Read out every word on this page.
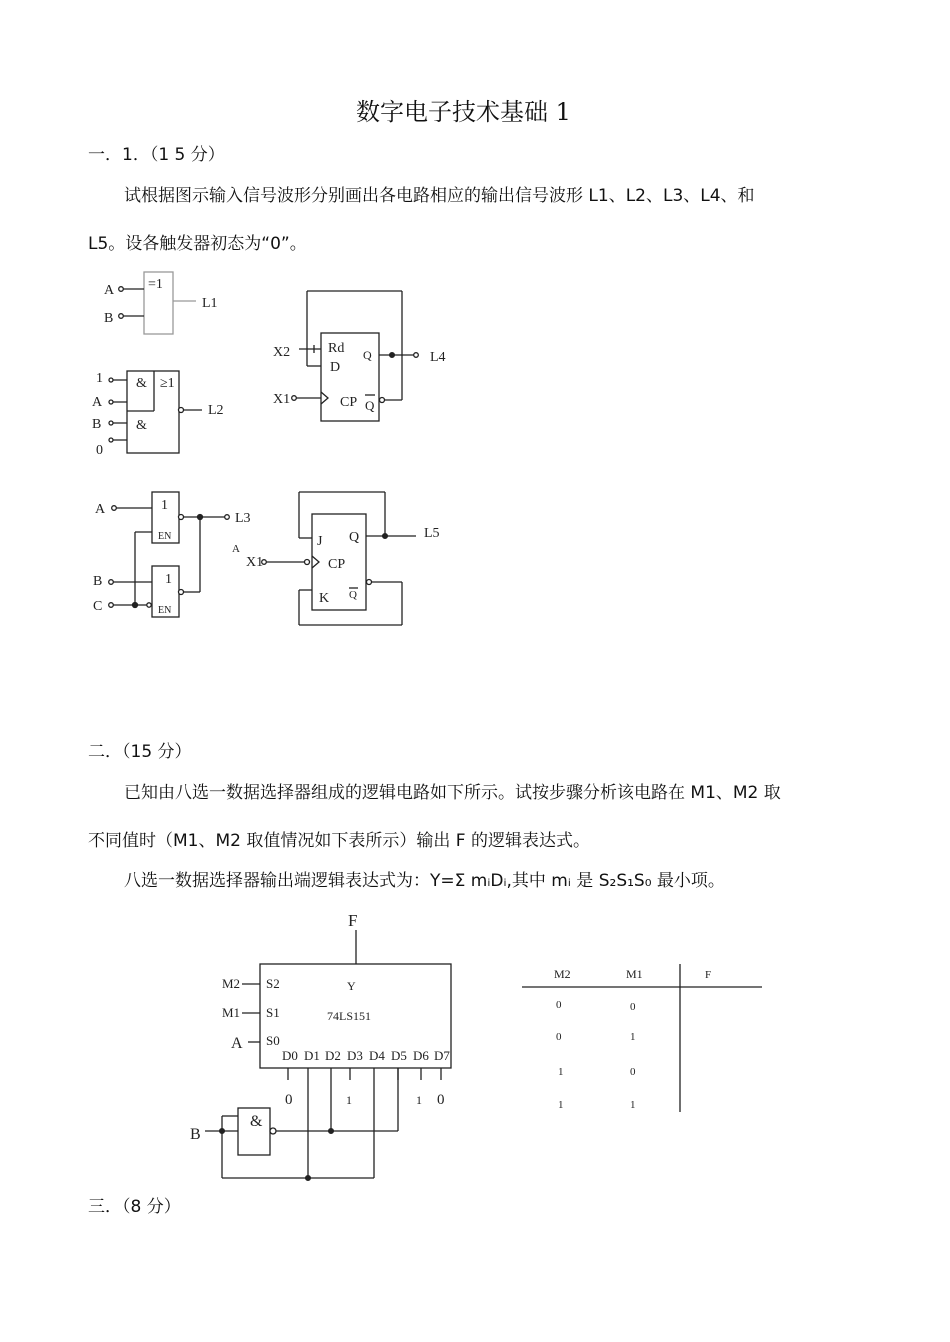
数字电子技术基础 1
一．1．（1 5 分）
试根据图示输入信号波形分别画出各电路相应的输出信号波形 L1、L2、L3、L4、和
L5。设各触发器初态为“0”。
A
B
=1
L1
1
A
B
0
&
&
≥1
L2
A
B
C
1
1
EN
EN
L3
X2
X1
Rd
D
Q
CP Q
L4
A
X1
J Q
CP
K Q
L5
二．（15 分）
已知由八选一数据选择器组成的逻辑电路如下所示。试按步骤分析该电路在 M1、M2 取
不同值时（M1、M2 取值情况如下表所示）输出 F 的逻辑表达式。
八选一数据选择器输出端逻辑表达式为：Y=Σ mᵢDᵢ,其中 mᵢ 是 S₂S₁S₀ 最小项。
F
Y
74LS151
M2
M1
A
S2
S1
S0
D0 D1 D2 D3 D4 D5 D6 D7
0	1	1 0
B
&
M2	M1	F
0	0
0	1
1	0
1	1
三．（8 分）
